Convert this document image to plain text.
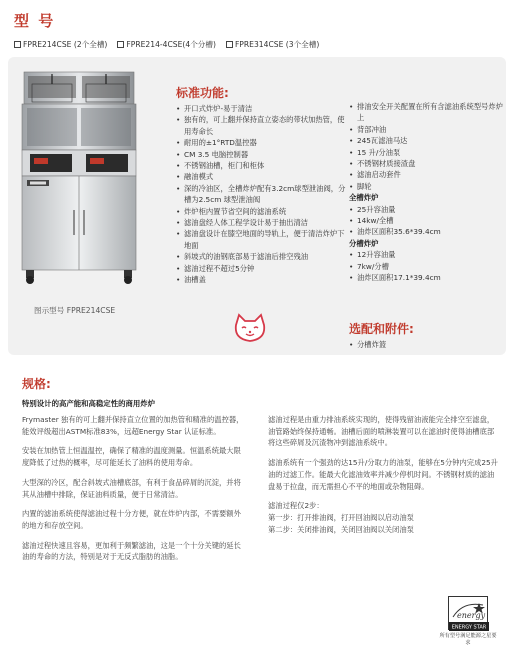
型 号
FPRE214CSE (2个全槽)	FPRE214-4CSE(4个分槽)	FPRE314CSE (3个全槽)
图示型号 FPRE214CSE
标准功能:
• 开口式炸炉-易于清洁
• 独有的，可上翻并保持直立姿态的带状加热管，使用寿命长
• 耐用的±1°RTD温控器
• CM 3.5 电脑控制器
• 不锈钢油槽，柜门和柜体
• 融油模式
• 深的冷油区，全槽炸炉配有3.2cm球型泄油阀，分槽为2.5cm 球型泄油阀
• 炸炉柜内置节省空间的滤油系统
• 滤油盘经人体工程学设计易于抽出清洁
• 滤油盘设计在膝空地面的导轨上，便于清洁炸炉下地面
• 斜坡式的油钢底部易于滤油后排空残油
• 滤油过程不超过5分钟
• 油槽盖
• 排油安全开关配置在所有含滤油系统型号炸炉上
• 背部冲油
• 245瓦滤油马达
• 15 升/分油泵
• 不锈钢材质接渣盘
• 滤油启动套件
• 脚轮
全槽炸炉
• 25升容油量
• 14kw/全槽
• 油炸区面积35.6*39.4cm
分槽炸炉
• 12升容油量
• 7kw/分槽
• 油炸区面积17.1*39.4cm
选配和附件:
• 分槽炸篮
规格:
特别设计的高产能和高稳定性的商用炸炉

Frymaster 独有的可上翻并保持直立位置的加热管和精准的温控器，能效评级超出ASTM标准83%，远超Energy Star 认证标准。

安装在加热管上恒温温控，确保了精准的温度测量。恒温系统最大限度降低了过热的概率，尽可能延长了油料的使用寿命。

大型深的冷区，配合斜坡式油槽底部，有利于食品碎屑的沉淀，并将其从油槽中排除，保证油料质量，便于日常清洁。

内置的滤油系统使得滤油过程十分方便，就在炸炉内部，不需要额外的地方和存放空间。

滤油过程快速且容易，更加利于频繁滤油，这是一个十分关键的延长油的寿命的方法，特别是对于无反式脂肪的油脂。

滤油过程是由重力排油系统实现的，使得残留油液能完全排空至滤盘，油管路始终保持通畅。油槽后面的喷淋装置可以在滤油时使得油槽底部将这些碎屑及沉渣物冲到滤油系统中。

滤油系统有一个强劲的达15升/分取力的油泵，能够在5分钟内完成25升油的过滤工作。能最大化滤油效率并减少停机时间。不锈钢材质的滤油盘易于拉盘，而无需担心不平的地面或杂物阻碍。

滤油过程仅2步：

第一步：打开排油阀，打开回油阀以启动油泵

第二步：关闭排油阀，关闭回油阀以关闭油泵

energy
ENERGY STAR
所有型号满足能源之星要求
